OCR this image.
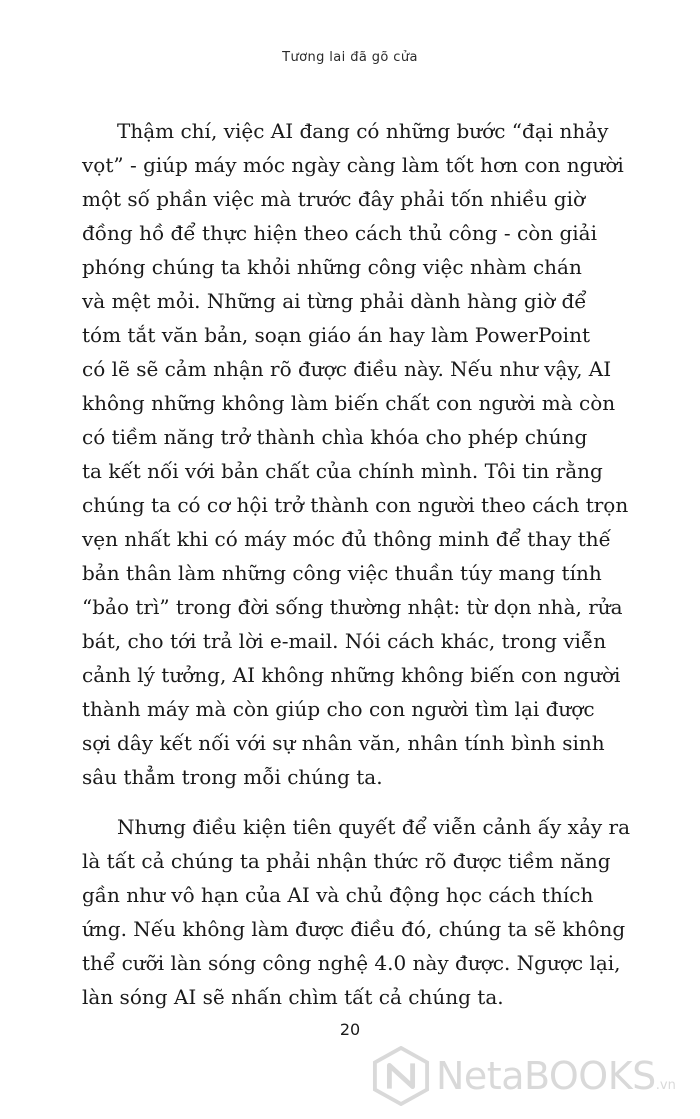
Tương lai đã gõ cửa
Thậm chí, việc AI đang có những bước “đại nhảy
vọt” - giúp máy móc ngày càng làm tốt hơn con người
một số phần việc mà trước đây phải tốn nhiều giờ
đồng hồ để thực hiện theo cách thủ công - còn giải
phóng chúng ta khỏi những công việc nhàm chán
và mệt mỏi. Những ai từng phải dành hàng giờ để
tóm tắt văn bản, soạn giáo án hay làm PowerPoint
có lẽ sẽ cảm nhận rõ được điều này. Nếu như vậy, AI
không những không làm biến chất con người mà còn
có tiềm năng trở thành chìa khóa cho phép chúng
ta kết nối với bản chất của chính mình. Tôi tin rằng
chúng ta có cơ hội trở thành con người theo cách trọn
vẹn nhất khi có máy móc đủ thông minh để thay thế
bản thân làm những công việc thuần túy mang tính
“bảo trì” trong đời sống thường nhật: từ dọn nhà, rửa
bát, cho tới trả lời e-mail. Nói cách khác, trong viễn
cảnh lý tưởng, AI không những không biến con người
thành máy mà còn giúp cho con người tìm lại được
sợi dây kết nối với sự nhân văn, nhân tính bình sinh
sâu thẳm trong mỗi chúng ta.
Nhưng điều kiện tiên quyết để viễn cảnh ấy xảy ra
là tất cả chúng ta phải nhận thức rõ được tiềm năng
gần như vô hạn của AI và chủ động học cách thích
ứng. Nếu không làm được điều đó, chúng ta sẽ không
thể cưỡi làn sóng công nghệ 4.0 này được. Ngược lại,
làn sóng AI sẽ nhấn chìm tất cả chúng ta.
20
NetaBOOKS.vn
